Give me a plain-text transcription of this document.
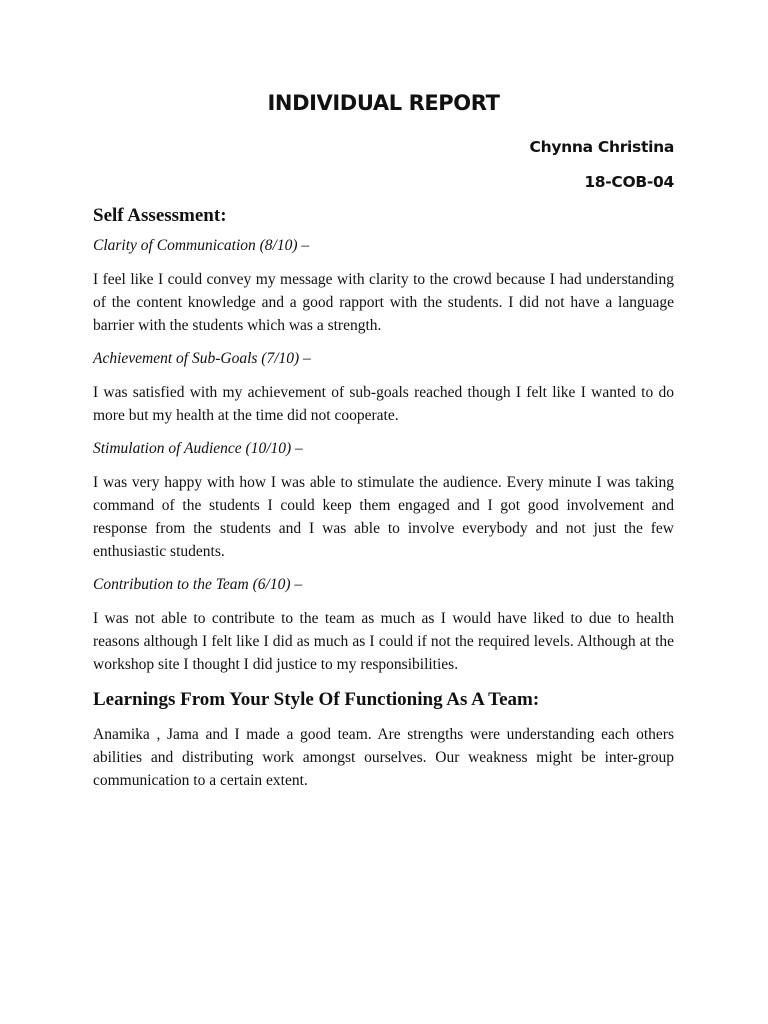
INDIVIDUAL REPORT

Chynna Christina

18-COB-04

Self Assessment:

Clarity of Communication (8/10) –

I feel like I could convey my message with clarity to the crowd because I had understanding of the content knowledge and a good rapport with the students. I did not have a language barrier with the students which was a strength.

Achievement of Sub-Goals (7/10) –

I was satisfied with my achievement of sub-goals reached though I felt like I wanted to do more but my health at the time did not cooperate.

Stimulation of Audience (10/10) –

I was very happy with how I was able to stimulate the audience. Every minute I was taking command of the students I could keep them engaged and I got good involvement and response from the students and I was able to involve everybody and not just the few enthusiastic students.

Contribution to the Team (6/10) –

I was not able to contribute to the team as much as I would have liked to due to health reasons although I felt like I did as much as I could if not the required levels. Although at the workshop site I thought I did justice to my responsibilities.

Learnings From Your Style Of Functioning As A Team:

Anamika , Jama and I made a good team. Are strengths were understanding each others abilities and distributing work amongst ourselves. Our weakness might be inter-group communication to a certain extent.
